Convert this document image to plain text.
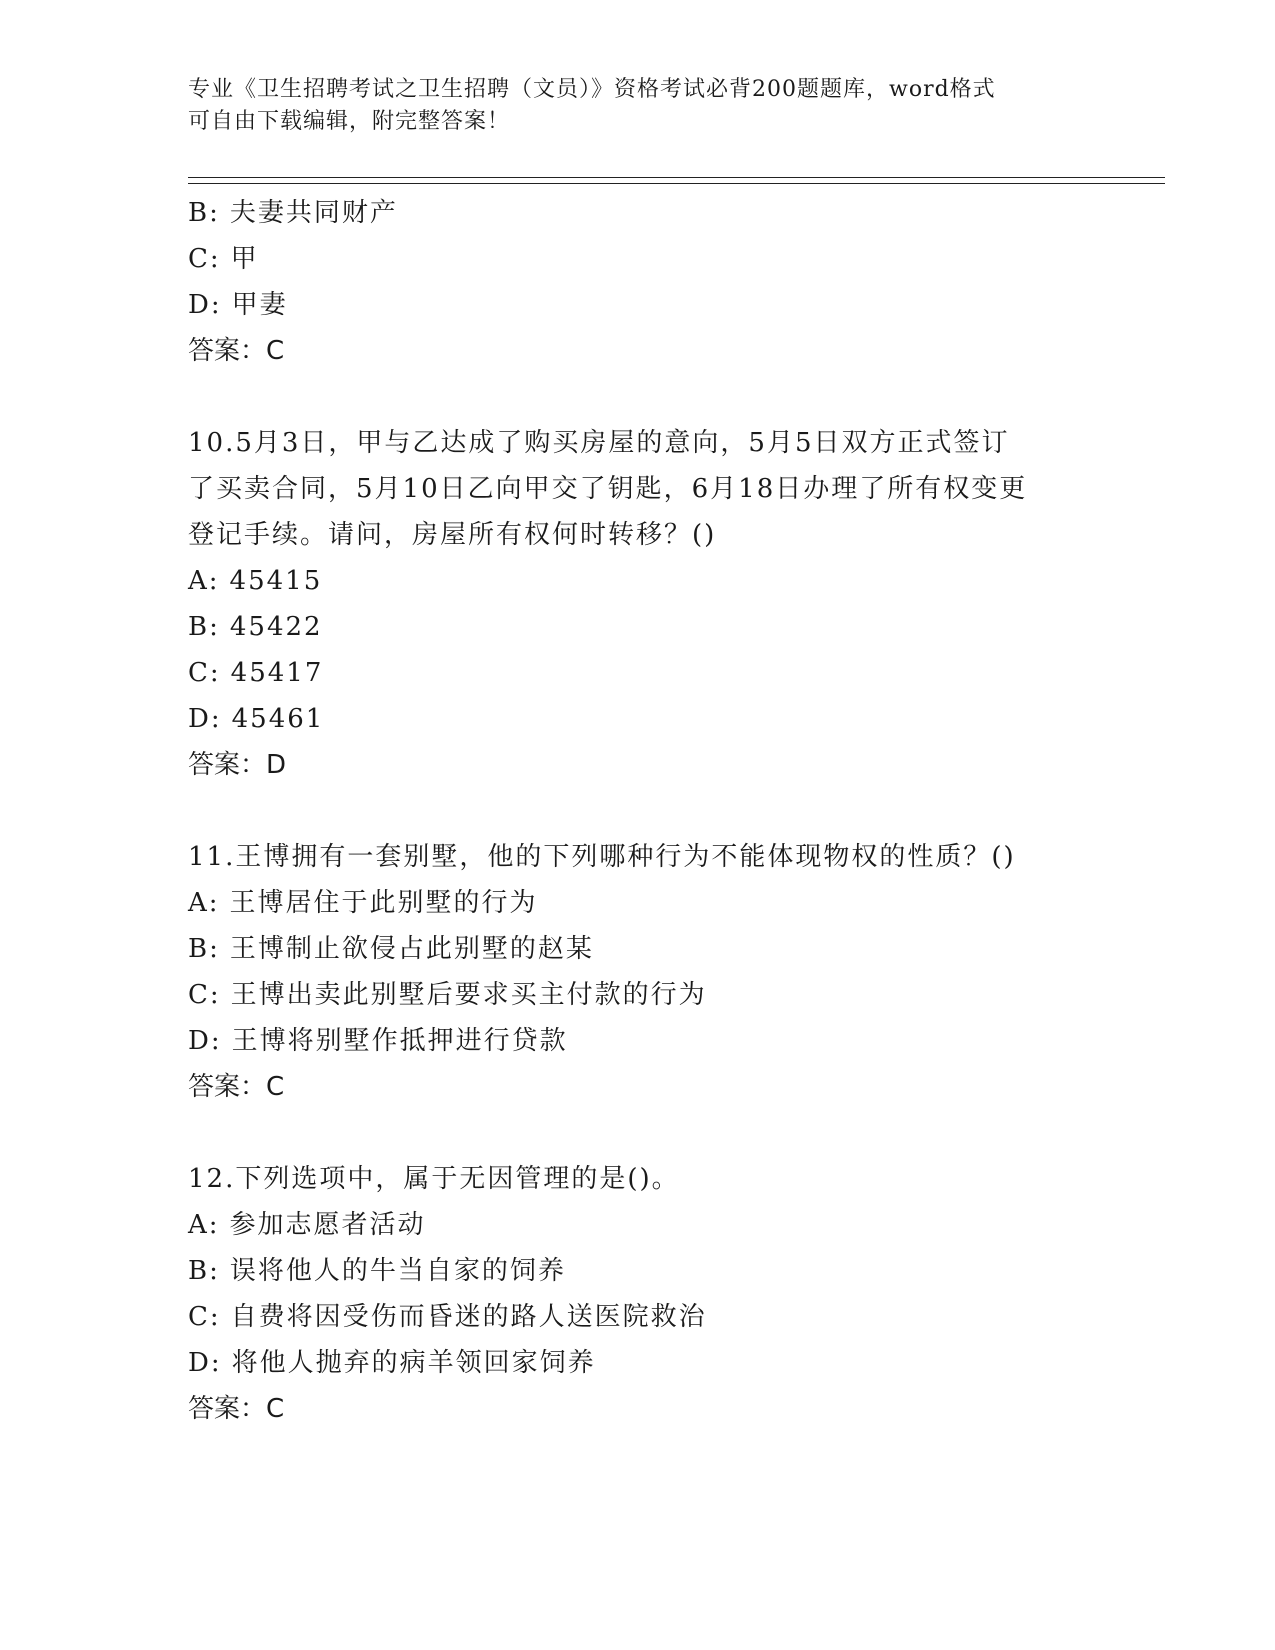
专业《卫生招聘考试之卫生招聘（文员）》资格考试必背200题题库，word格式
可自由下载编辑，附完整答案！
B: 夫妻共同财产
C: 甲
D: 甲妻
答案：C
10.5月3日，甲与乙达成了购买房屋的意向，5月5日双方正式签订
了买卖合同，5月10日乙向甲交了钥匙，6月18日办理了所有权变更
登记手续。请问，房屋所有权何时转移？()
A: 45415
B: 45422
C: 45417
D: 45461
答案：D
11.王博拥有一套别墅，他的下列哪种行为不能体现物权的性质？()
A: 王博居住于此别墅的行为
B: 王博制止欲侵占此别墅的赵某
C: 王博出卖此别墅后要求买主付款的行为
D: 王博将别墅作抵押进行贷款
答案：C
12.下列选项中，属于无因管理的是()。
A: 参加志愿者活动
B: 误将他人的牛当自家的饲养
C: 自费将因受伤而昏迷的路人送医院救治
D: 将他人抛弃的病羊领回家饲养
答案：C
